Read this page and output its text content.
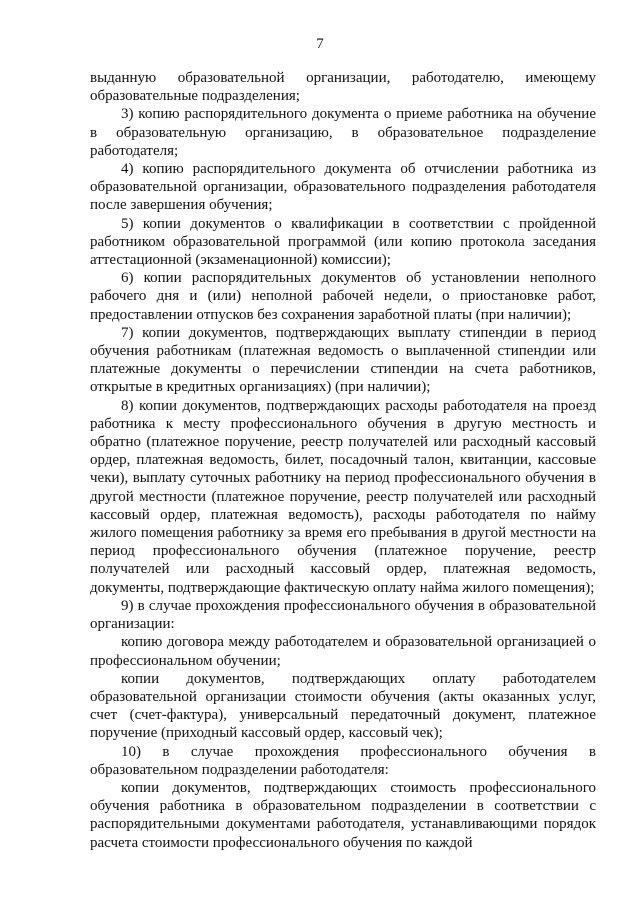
7

выданную образовательной организации, работодателю, имеющему образовательные подразделения;

3) копию распорядительного документа о приеме работника на обучение в образовательную организацию, в образовательное подразделение работодателя;

4) копию распорядительного документа об отчислении работника из образовательной организации, образовательного подразделения работодателя после завершения обучения;

5) копии документов о квалификации в соответствии с пройденной работником образовательной программой (или копию протокола заседания аттестационной (экзаменационной) комиссии);

6) копии распорядительных документов об установлении неполного рабочего дня и (или) неполной рабочей недели, о приостановке работ, предоставлении отпусков без сохранения заработной платы (при наличии);

7) копии документов, подтверждающих выплату стипендии в период обучения работникам (платежная ведомость о выплаченной стипендии или платежные документы о перечислении стипендии на счета работников, открытые в кредитных организациях) (при наличии);

8) копии документов, подтверждающих расходы работодателя на проезд работника к месту профессионального обучения в другую местность и обратно (платежное поручение, реестр получателей или расходный кассовый ордер, платежная ведомость, билет, посадочный талон, квитанции, кассовые чеки), выплату суточных работнику на период профессионального обучения в другой местности (платежное поручение, реестр получателей или расходный кассовый ордер, платежная ведомость), расходы работодателя по найму жилого помещения работнику за время его пребывания в другой местности на период профессионального обучения (платежное поручение, реестр получателей или расходный кассовый ордер, платежная ведомость, документы, подтверждающие фактическую оплату найма жилого помещения);

9) в случае прохождения профессионального обучения в образовательной организации:

копию договора между работодателем и образовательной организацией о профессиональном обучении;

копии документов, подтверждающих оплату работодателем образовательной организации стоимости обучения (акты оказанных услуг, счет (счет-фактура), универсальный передаточный документ, платежное поручение (приходный кассовый ордер, кассовый чек);

10) в случае прохождения профессионального обучения в образовательном подразделении работодателя:

копии документов, подтверждающих стоимость профессионального обучения работника в образовательном подразделении в соответствии с распорядительными документами работодателя, устанавливающими порядок расчета стоимости профессионального обучения по каждой
